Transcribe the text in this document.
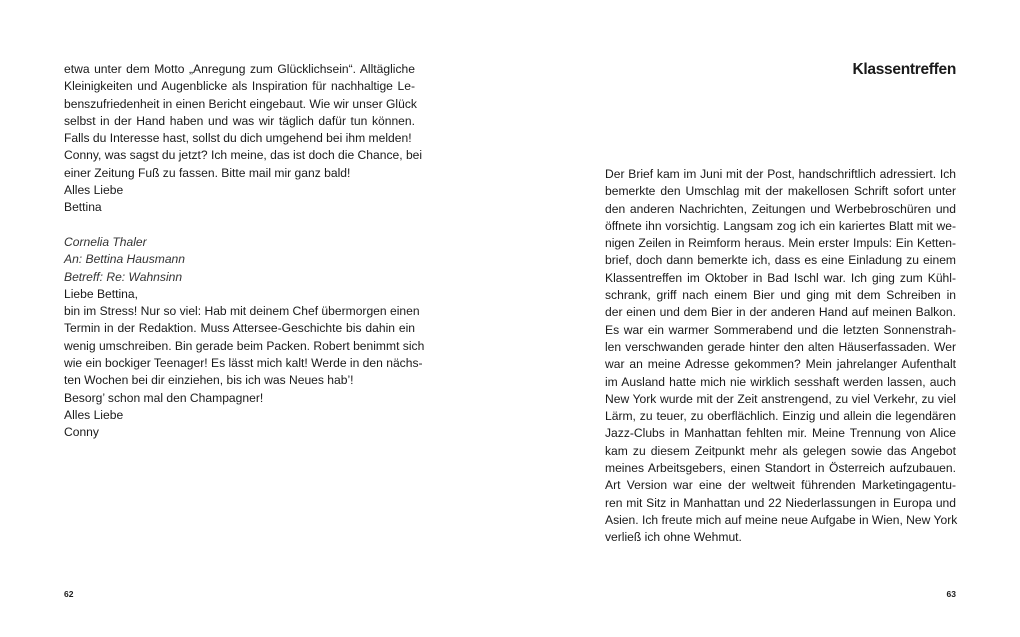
etwa unter dem Motto „Anregung zum Glücklichsein“. Alltägliche
Kleinigkeiten und Augenblicke als Inspiration für nachhaltige Le-
benszufriedenheit in einen Bericht eingebaut. Wie wir unser Glück
selbst in der Hand haben und was wir täglich dafür tun können.
Falls du Interesse hast, sollst du dich umgehend bei ihm melden!
Conny, was sagst du jetzt? Ich meine, das ist doch die Chance, bei
einer Zeitung Fuß zu fassen. Bitte mail mir ganz bald!
Alles Liebe
Bettina
Cornelia Thaler
An: Bettina Hausmann
Betreff: Re: Wahnsinn
Liebe Bettina,
bin im Stress! Nur so viel: Hab mit deinem Chef übermorgen einen
Termin in der Redaktion. Muss Attersee-Geschichte bis dahin ein
wenig umschreiben. Bin gerade beim Packen. Robert benimmt sich
wie ein bockiger Teenager! Es lässt mich kalt! Werde in den nächs-
ten Wochen bei dir einziehen, bis ich was Neues hab’!
Besorg’ schon mal den Champagner!
Alles Liebe
Conny
62
Klassentreffen
Der Brief kam im Juni mit der Post, handschriftlich adressiert. Ich
bemerkte den Umschlag mit der makellosen Schrift sofort unter
den anderen Nachrichten, Zeitungen und Werbebroschüren und
öffnete ihn vorsichtig. Langsam zog ich ein kariertes Blatt mit we-
nigen Zeilen in Reimform heraus. Mein erster Impuls: Ein Ketten-
brief, doch dann bemerkte ich, dass es eine Einladung zu einem
Klassentreffen im Oktober in Bad Ischl war. Ich ging zum Kühl-
schrank, griff nach einem Bier und ging mit dem Schreiben in
der einen und dem Bier in der anderen Hand auf meinen Balkon.
Es war ein warmer Sommerabend und die letzten Sonnenstrah-
len verschwanden gerade hinter den alten Häuserfassaden. Wer
war an meine Adresse gekommen? Mein jahrelanger Aufenthalt
im Ausland hatte mich nie wirklich sesshaft werden lassen, auch
New York wurde mit der Zeit anstrengend, zu viel Verkehr, zu viel
Lärm, zu teuer, zu oberflächlich. Einzig und allein die legendären
Jazz-Clubs in Manhattan fehlten mir. Meine Trennung von Alice
kam zu diesem Zeitpunkt mehr als gelegen sowie das Angebot
meines Arbeitsgebers, einen Standort in Österreich aufzubauen.
Art Version war eine der weltweit führenden Marketingagentu-
ren mit Sitz in Manhattan und 22 Niederlassungen in Europa und
Asien. Ich freute mich auf meine neue Aufgabe in Wien, New York
verließ ich ohne Wehmut.
63
